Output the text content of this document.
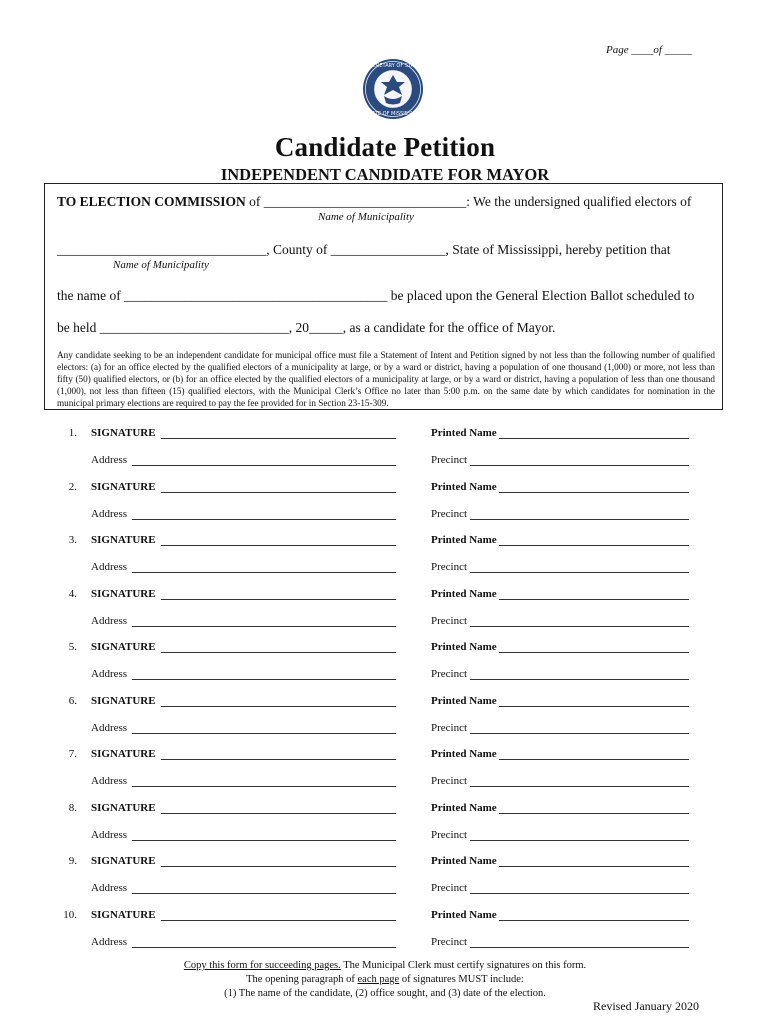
Page ____of _____
SECRETARY OF STATE
STATE OF MISSISSIPPI
Candidate Petition
INDEPENDENT CANDIDATE FOR MAYOR
TO ELECTION COMMISSION of ______________________________: We the undersigned qualified electors of
Name of Municipality
_______________________________, County of _________________, State of Mississippi, hereby petition that
Name of Municipality
the name of _______________________________________ be placed upon the General Election Ballot scheduled to
be held ____________________________, 20_____, as a candidate for the office of Mayor.
Any candidate seeking to be an independent candidate for municipal office must file a Statement of Intent and Petition signed by not less than the following number of qualified electors: (a) for an office elected by the qualified electors of a municipality at large, or by a ward or district, having a population of one thousand (1,000) or more, not less than fifty (50) qualified electors, or (b) for an office elected by the qualified electors of a municipality at large, or by a ward or district, having a population of less than one thousand (1,000), not less than fifteen (15) qualified electors, with the Municipal Clerk’s Office no later than 5:00 p.m. on the same date by which candidates for nomination in the municipal primary elections are required to pay the fee provided for in Section 23-15-309.
1. SIGNATURE	Printed Name
Address	Precinct
2. SIGNATURE	Printed Name
Address	Precinct
3. SIGNATURE	Printed Name
Address	Precinct
4. SIGNATURE	Printed Name
Address	Precinct
5. SIGNATURE	Printed Name
Address	Precinct
6. SIGNATURE	Printed Name
Address	Precinct
7. SIGNATURE	Printed Name
Address	Precinct
8. SIGNATURE	Printed Name
Address	Precinct
9. SIGNATURE	Printed Name
Address	Precinct
10. SIGNATURE	Printed Name
Address	Precinct
Copy this form for succeeding pages. The Municipal Clerk must certify signatures on this form.
The opening paragraph of each page of signatures MUST include:
(1) The name of the candidate, (2) office sought, and (3) date of the election.
Revised January 2020
